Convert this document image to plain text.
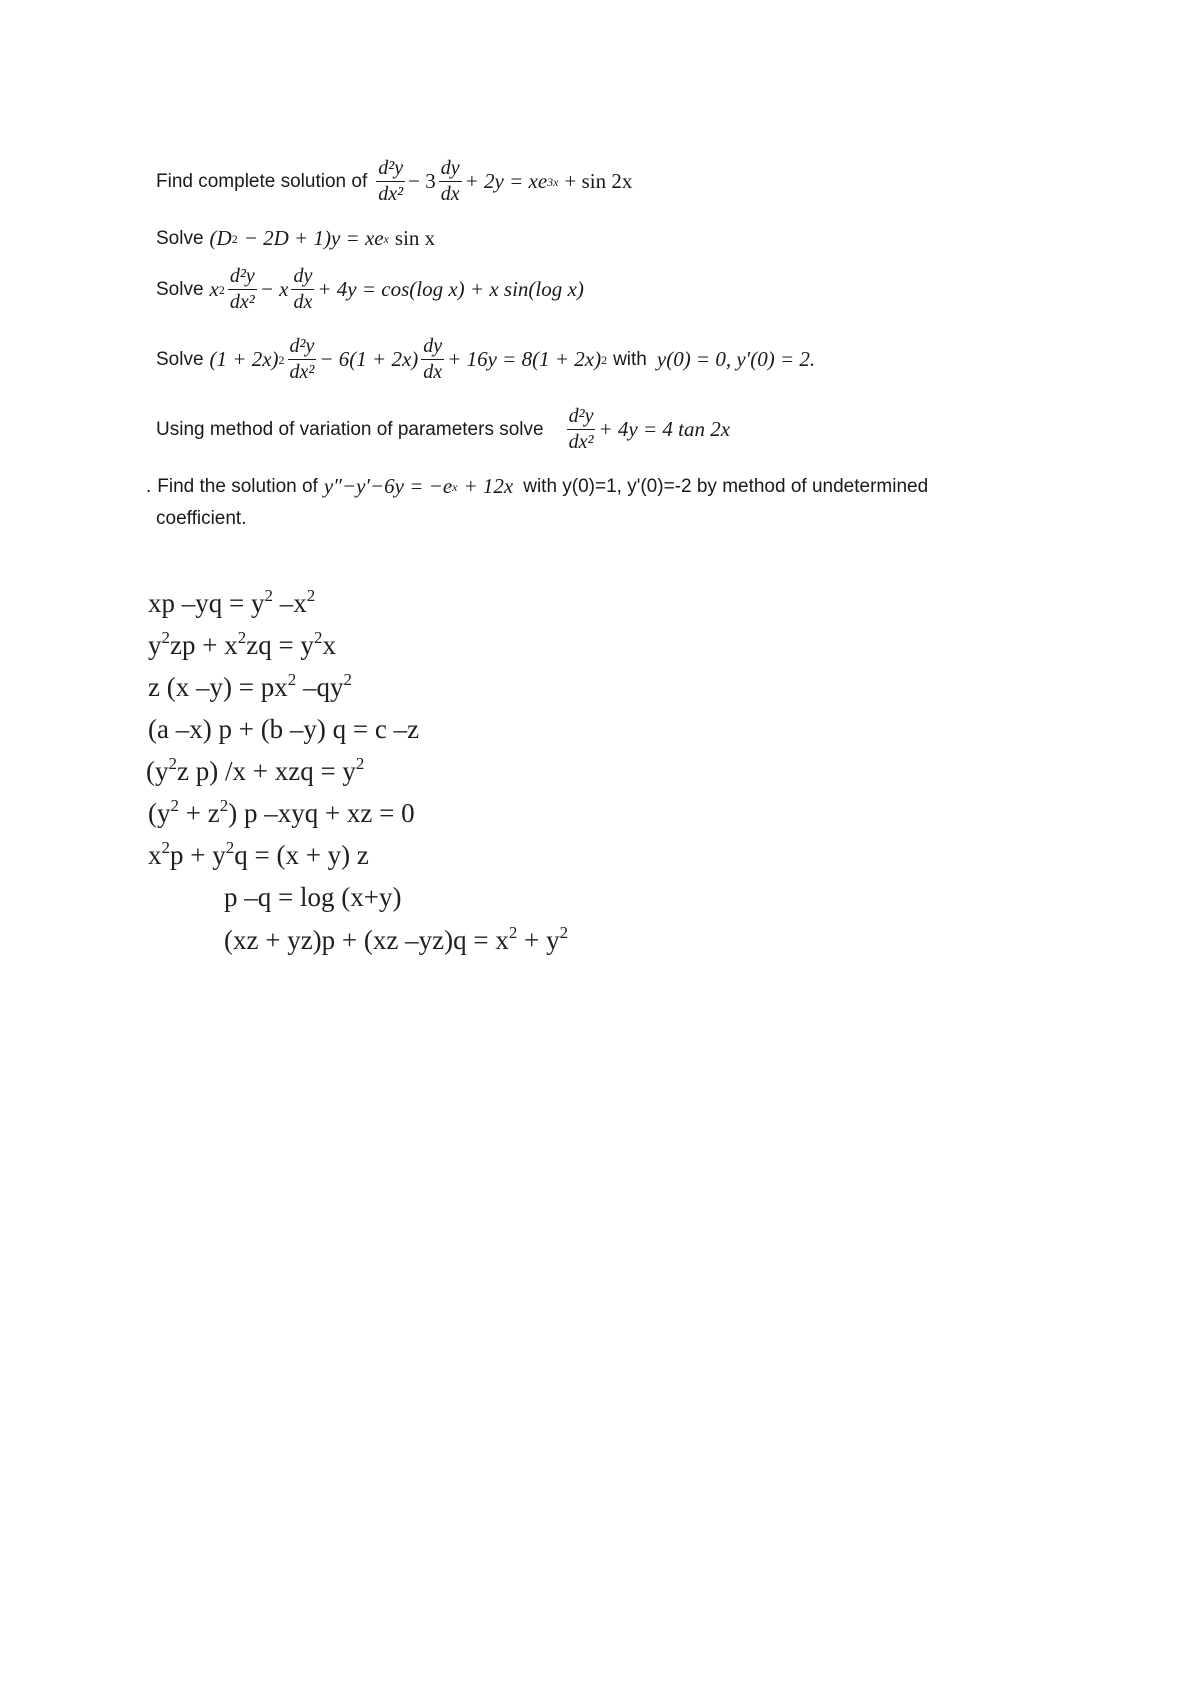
Find complete solution of $\frac{\text{d²y}}{\text{dx²}} - 3 \frac{dy}{dx} + 2y$ = xe 3x + sin 2x
Solve (D 2 − 2D + 1)y = xe x sin x
Solve x $2 \frac{\text{d²y}}{\text{dx²}} - x \frac{dy}{dx} + 4y = \cos(\log$ x) + x sin(log x)
Solve (1 + 2x) $2 \frac{\text{d²y}}{\text{dx²}} - 6(1 + 2x) \frac{dy}{dx} + 16y = 8(1 + 2x)$ 2 with y(0) = 0, y′(0) = 2.
Using method of variation of parameters solve $\frac{\text{d²y}}{\text{dx²}} + 4y = 4$ tan 2x
. Find the solution of y″−y′−6y = −e x + 12x with y(0)=1, y'(0)=-2 by method of undetermined
coefficient.
xp $-yq = y^2$ $-x^2$
$y^2zp + x^2zq = y^2x$
z (x $-y) = px^2$ $-qy^2$
(a –x) p + (b –y) q = c –z
($y^2z$ p) /x + xzq = $y^2$
$(y^2 + z^2)$ p –xyq + xz = 0
$x^2p + y^2q = (x + y)$ z
p –q = log (x+y)
(xz + yz)p + (xz $-yz)q = x^2 + y^2$
